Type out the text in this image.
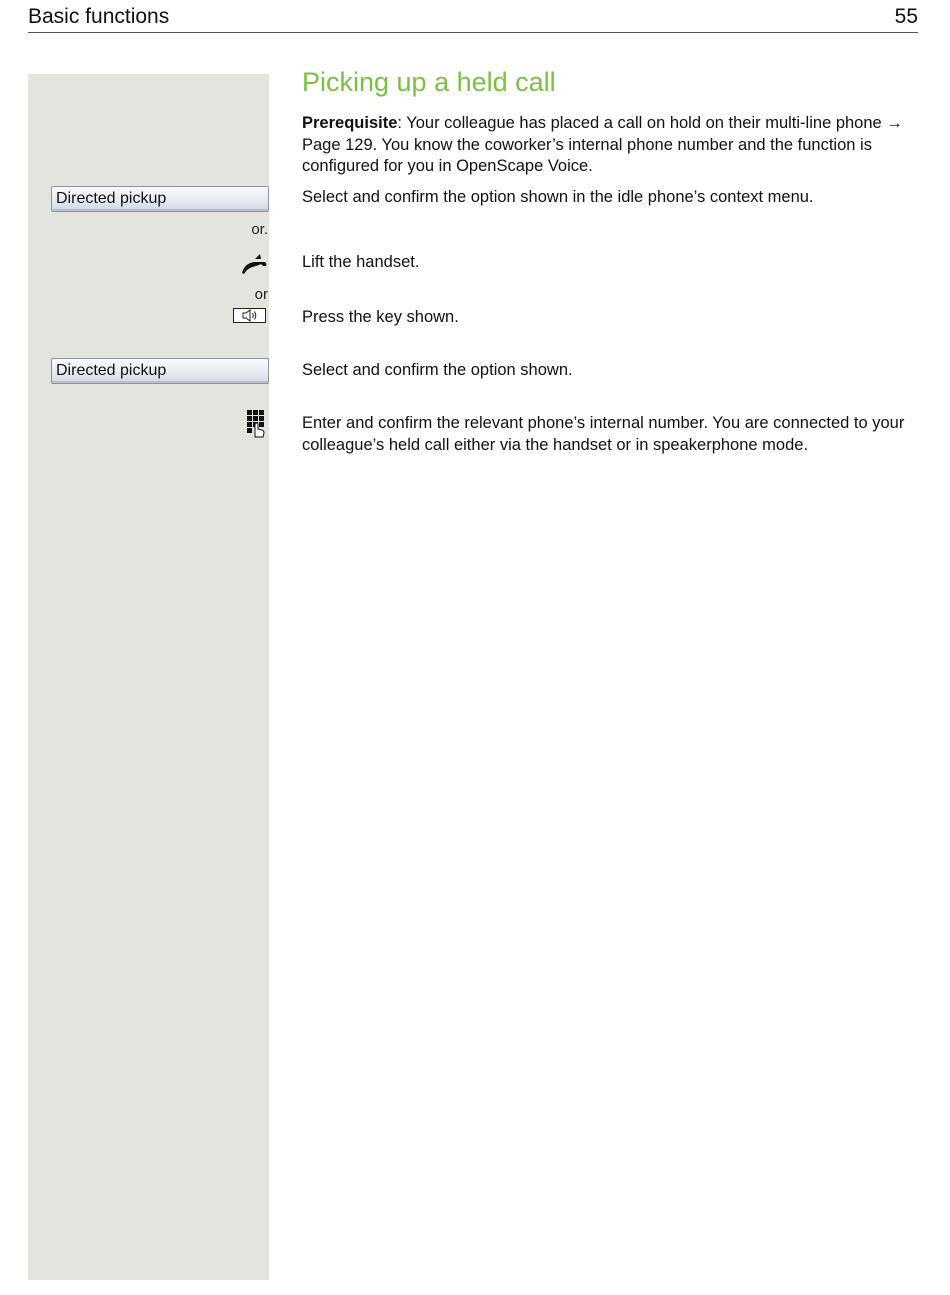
Basic functions	55
Directed pickup
or.
or
Directed pickup
Picking up a held call
Prerequisite: Your colleague has placed a call on hold on their multi-line phone → Page 129. You know the coworker’s internal phone number and the function is configured for you in OpenScape Voice.
Select and confirm the option shown in the idle phone’s context menu.
Lift the handset.
Press the key shown.
Select and confirm the option shown.
Enter and confirm the relevant phone’s internal number. You are connected to your colleague’s held call either via the handset or in speakerphone mode.
